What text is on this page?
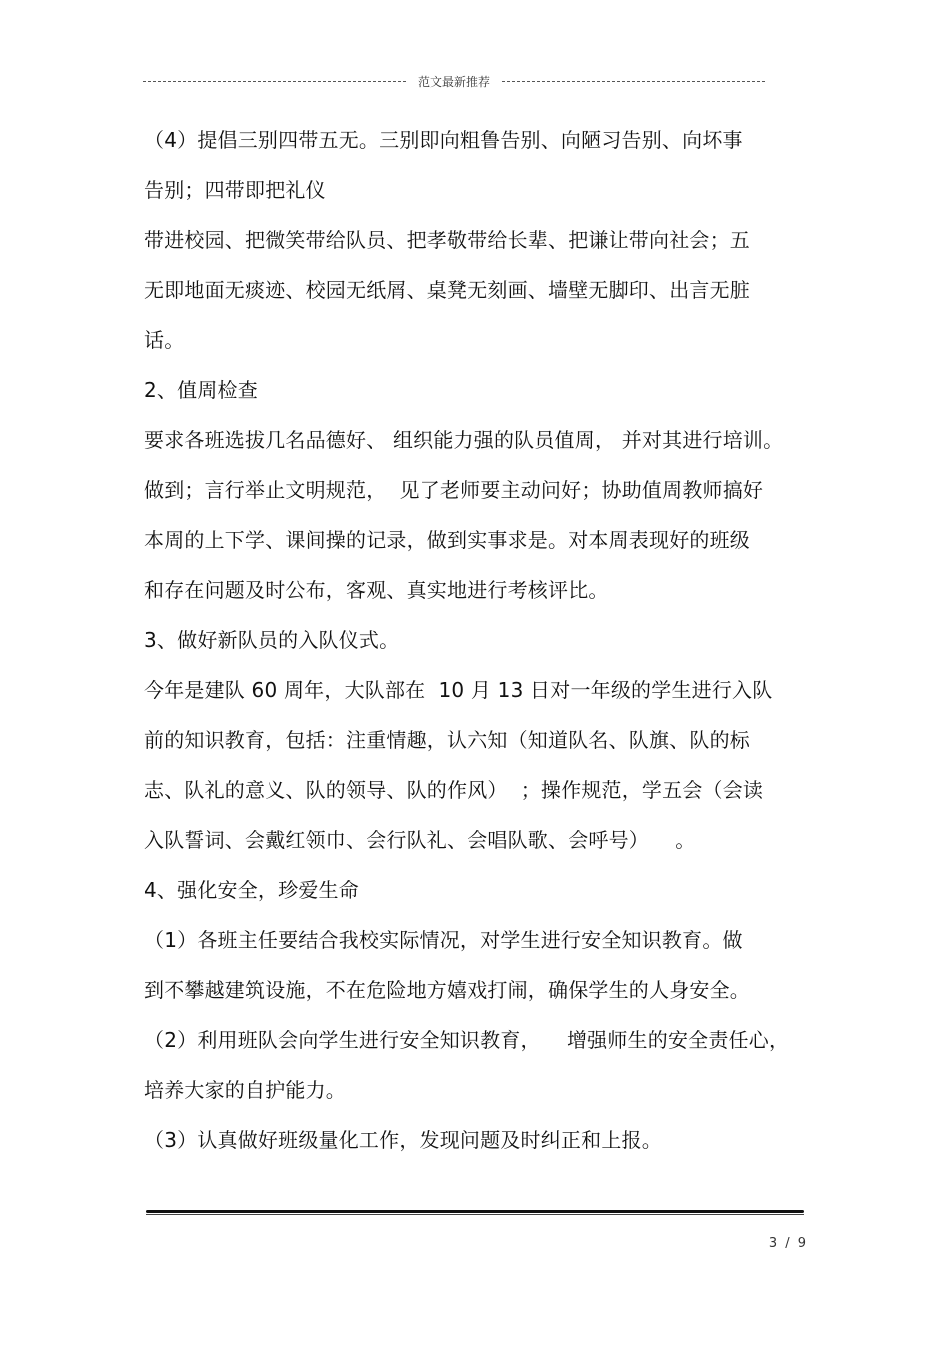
范文最新推荐
（4）提倡三别四带五无。三别即向粗鲁告别、向陋习告别、向坏事
告别；四带即把礼仪
带进校园、把微笑带给队员、把孝敬带给长辈、把谦让带向社会；五
无即地面无痰迹、校园无纸屑、桌凳无刻画、墙壁无脚印、出言无脏
话。
2、值周检查
要求各班选拔几名品德好、 组织能力强的队员值周， 并对其进行培训。
做到；言行举止文明规范，  见了老师要主动问好；协助值周教师搞好
本周的上下学、课间操的记录，做到实事求是。对本周表现好的班级
和存在问题及时公布，客观、真实地进行考核评比。
3、做好新队员的入队仪式。
今年是建队 60 周年，大队部在  10 月 13 日对一年级的学生进行入队
前的知识教育，包括：注重情趣，认六知（知道队名、队旗、队的标
志、队礼的意义、队的领导、队的作风）  ；操作规范，学五会（会读
入队誓词、会戴红领巾、会行队礼、会唱队歌、会呼号）    。
4、强化安全，珍爱生命
（1）各班主任要结合我校实际情况，对学生进行安全知识教育。做
到不攀越建筑设施，不在危险地方嬉戏打闹，确保学生的人身安全。
（2）利用班队会向学生进行安全知识教育，    增强师生的安全责任心，
培养大家的自护能力。
（3）认真做好班级量化工作，发现问题及时纠正和上报。
3 / 9
